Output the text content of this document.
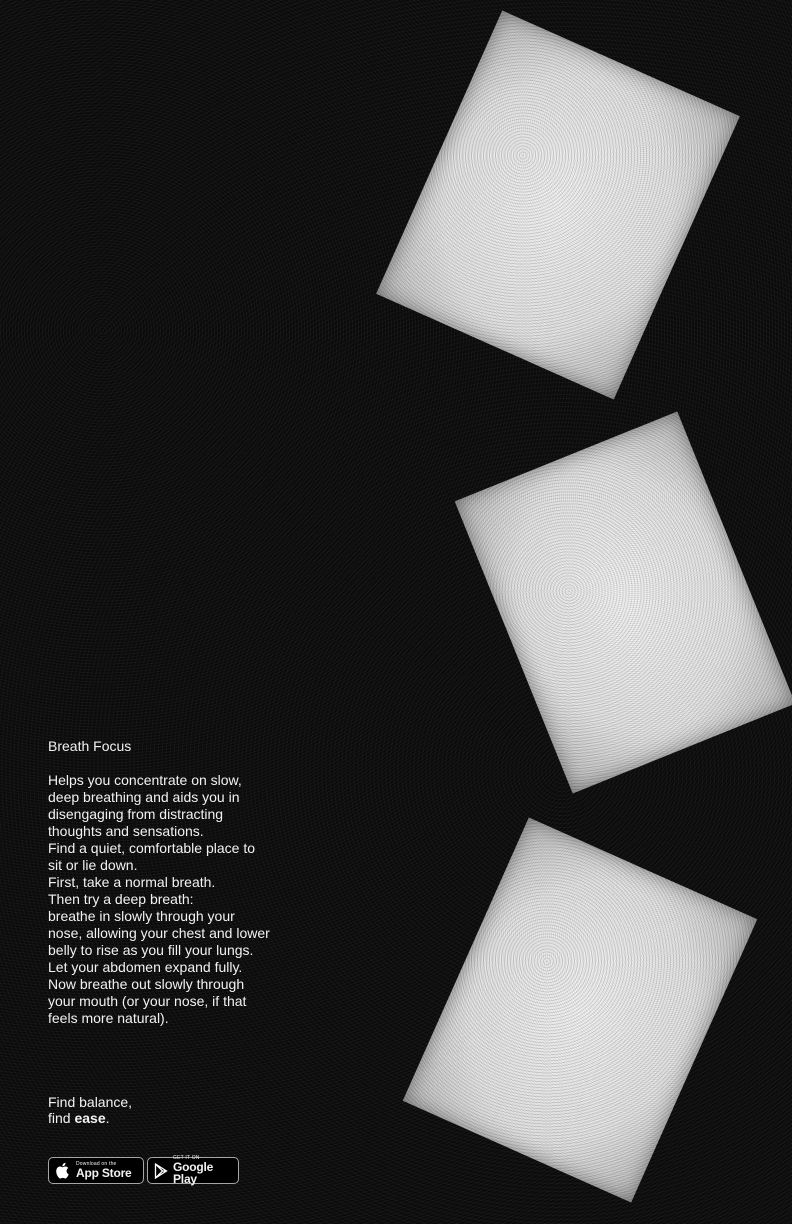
Breath Focus
Helps you concentrate on slow,
deep breathing and aids you in
disengaging from distracting
thoughts and sensations.
Find a quiet, comfortable place to
sit or lie down.
First, take a normal breath.
Then try a deep breath:
breathe in slowly through your
nose, allowing your chest and lower
belly to rise as you fill your lungs.
Let your abdomen expand fully.
Now breathe out slowly through
your mouth (or your nose, if that
feels more natural).
Find balance,
find ease.
Download on the
App Store
GET IT ON
Google Play
